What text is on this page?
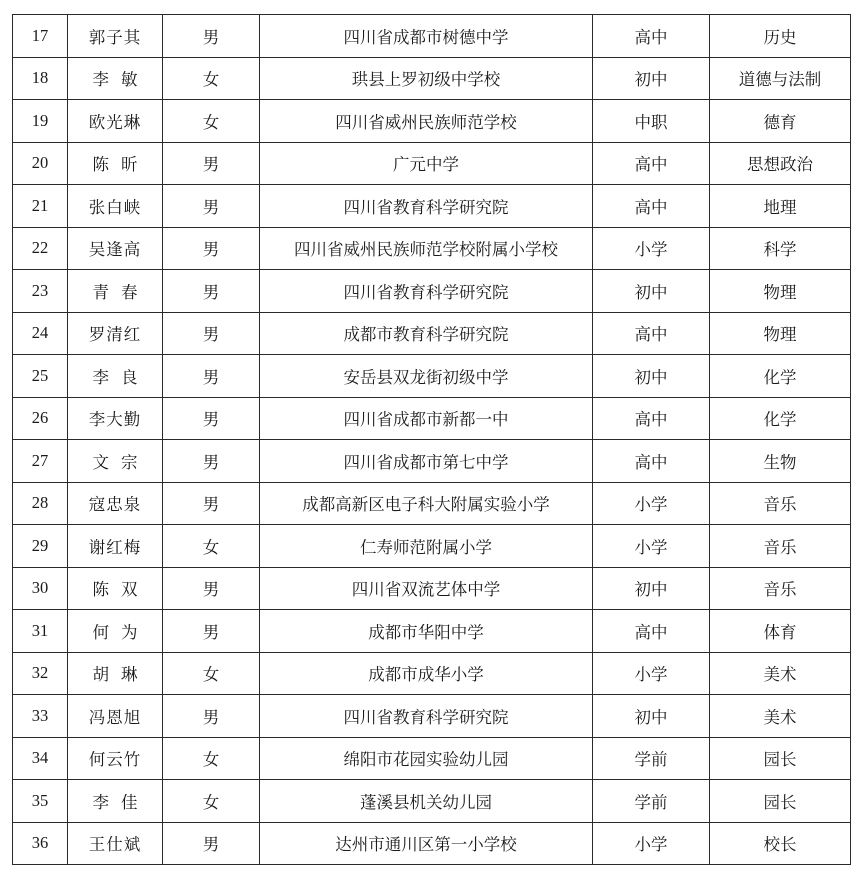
17	郭子其	男	四川省成都市树德中学	高中	历史
18	李敏	女	珙县上罗初级中学校	初中	道德与法制
19	欧光琳	女	四川省威州民族师范学校	中职	德育
20	陈昕	男	广元中学	高中	思想政治
21	张白峡	男	四川省教育科学研究院	高中	地理
22	吴逢高	男	四川省威州民族师范学校附属小学校	小学	科学
23	青春	男	四川省教育科学研究院	初中	物理
24	罗清红	男	成都市教育科学研究院	高中	物理
25	李良	男	安岳县双龙街初级中学	初中	化学
26	李大勤	男	四川省成都市新都一中	高中	化学
27	文宗	男	四川省成都市第七中学	高中	生物
28	寇忠泉	男	成都高新区电子科大附属实验小学	小学	音乐
29	谢红梅	女	仁寿师范附属小学	小学	音乐
30	陈双	男	四川省双流艺体中学	初中	音乐
31	何为	男	成都市华阳中学	高中	体育
32	胡琳	女	成都市成华小学	小学	美术
33	冯恩旭	男	四川省教育科学研究院	初中	美术
34	何云竹	女	绵阳市花园实验幼儿园	学前	园长
35	李佳	女	蓬溪县机关幼儿园	学前	园长
36	王仕斌	男	达州市通川区第一小学校	小学	校长
